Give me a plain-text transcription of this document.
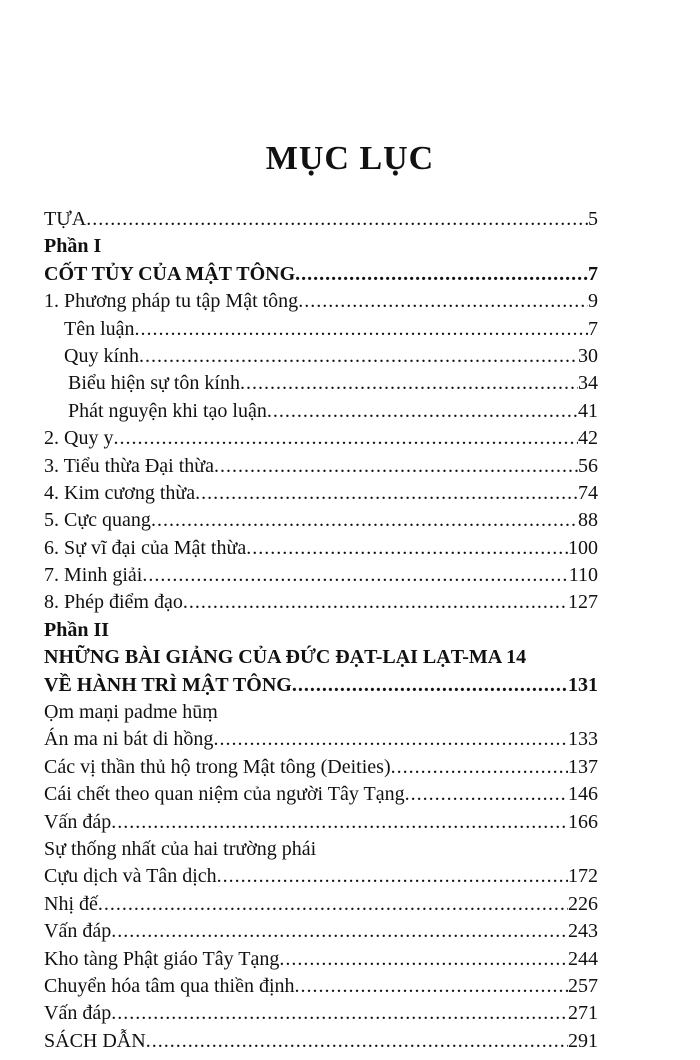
MỤC LỤC
TỰA .....	5
Phần I
CỐT TỦY CỦA MẬT TÔNG .....	7
1. Phương pháp tu tập Mật tông .....	9
Tên luận .....	7
Quy kính .....	30
Biểu hiện sự tôn kính .....	34
Phát nguyện khi tạo luận .....	41
2. Quy y .....	42
3. Tiểu thừa Đại thừa .....	56
4. Kim cương thừa .....	74
5. Cực quang .....	88
6. Sự vĩ đại của Mật thừa .....	100
7. Minh giải .....	110
8. Phép điểm đạo .....	127
Phần II
NHỮNG BÀI GIẢNG CỦA ĐỨC ĐẠT-LẠI LẠT-MA 14
VỀ HÀNH TRÌ MẬT TÔNG .....	131
Ọm maṇi padme hūṃ
Án ma ni bát di hồng .....	133
Các vị thần thủ hộ trong Mật tông (Deities) .....	137
Cái chết theo quan niệm của người Tây Tạng .....	146
Vấn đáp .....	166
Sự thống nhất của hai trường phái
Cựu dịch và Tân dịch .....	172
Nhị đế .....	226
Vấn đáp .....	243
Kho tàng Phật giáo Tây Tạng .....	244
Chuyển hóa tâm qua thiền định .....	257
Vấn đáp .....	271
SÁCH DẪN .....	291
